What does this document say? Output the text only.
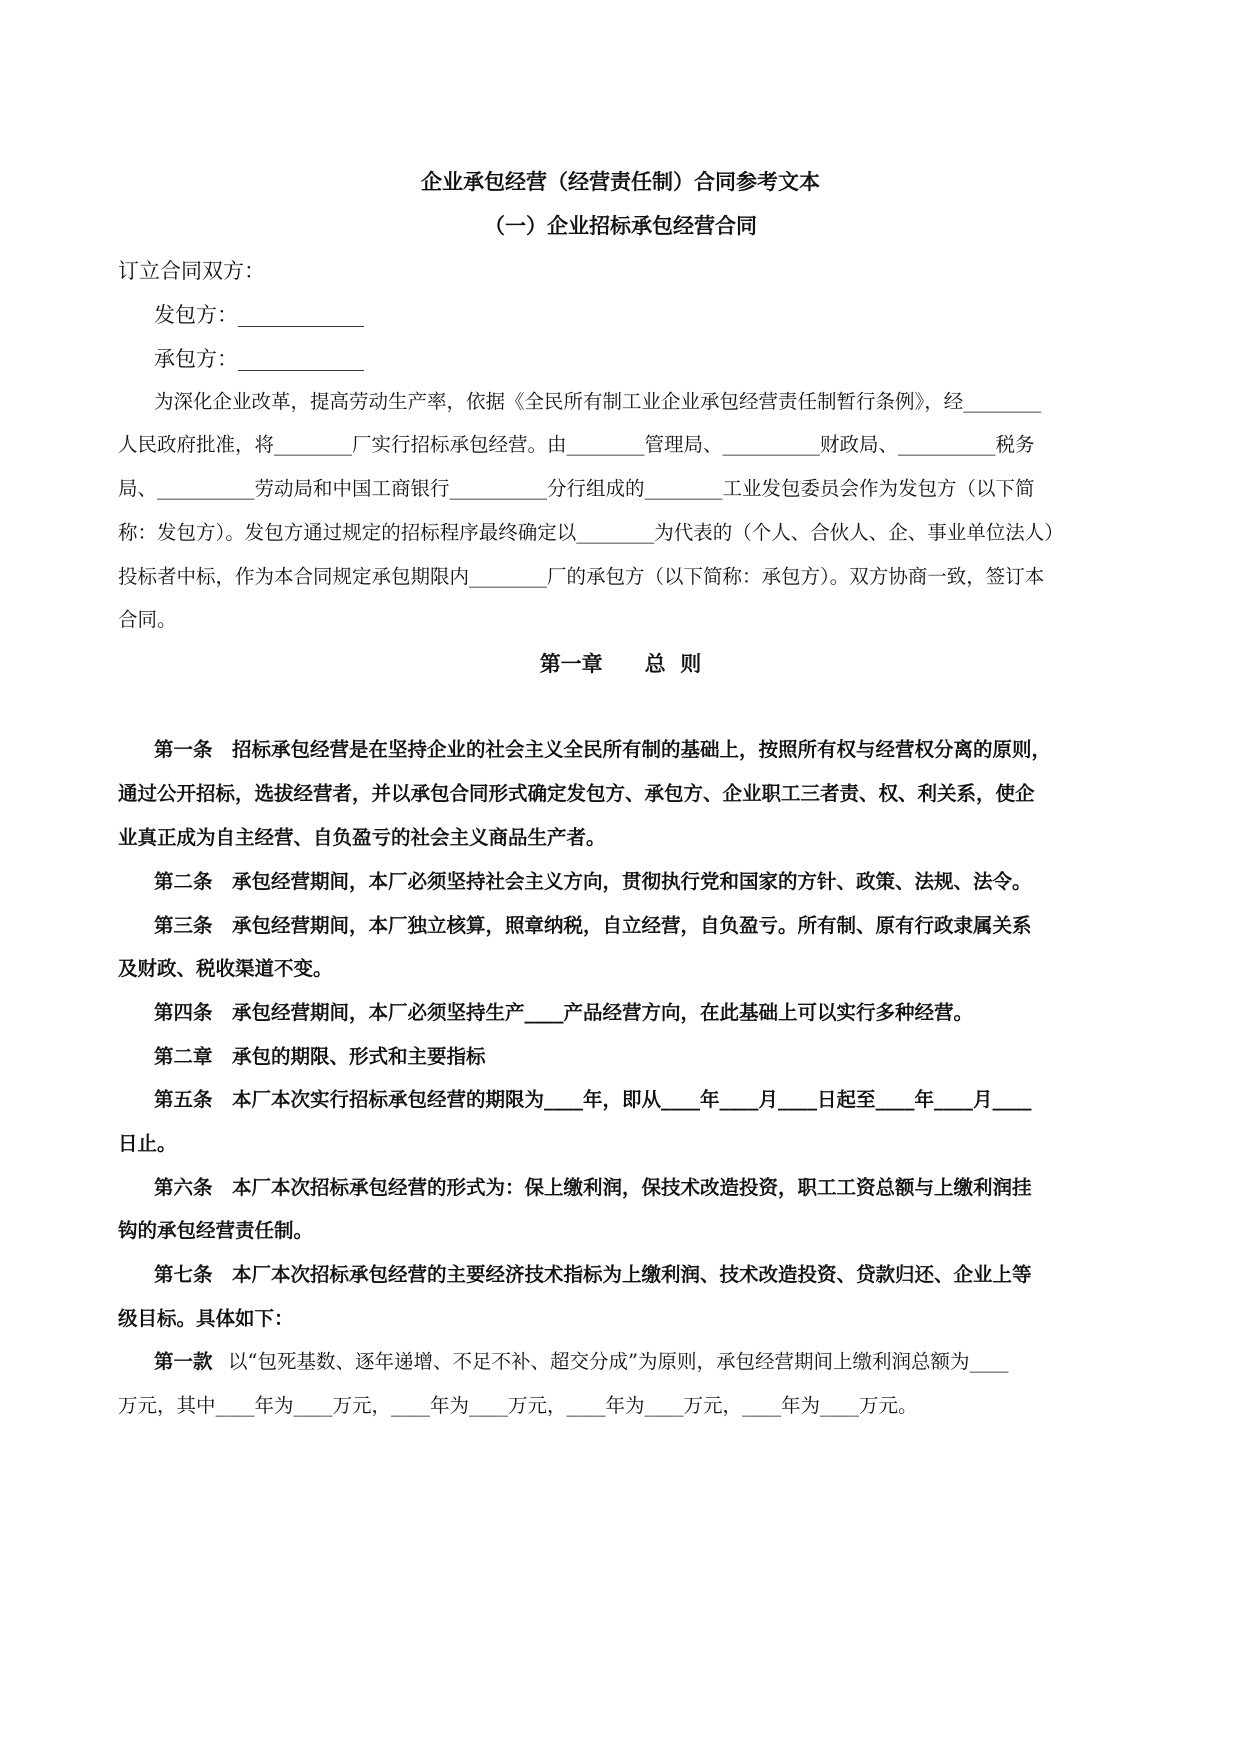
企业承包经营（经营责任制）合同参考文本
（一）企业招标承包经营合同
订立合同双方：
发包方：____________
承包方：____________
为深化企业改革，提高劳动生产率，依据《全民所有制工业企业承包经营责任制暂行条例》，经________
人民政府批准，将________厂实行招标承包经营。由________管理局、__________财政局、__________税务
局、__________劳动局和中国工商银行__________分行组成的________工业发包委员会作为发包方（以下简
称：发包方）。发包方通过规定的招标程序最终确定以________为代表的（个人、合伙人、企、事业单位法人）
投标者中标，作为本合同规定承包期限内________厂的承包方（以下简称：承包方）。双方协商一致，签订本
合同。
第一章　　总  则
第一条　招标承包经营是在坚持企业的社会主义全民所有制的基础上，按照所有权与经营权分离的原则，
通过公开招标，选拔经营者，并以承包合同形式确定发包方、承包方、企业职工三者责、权、利关系，使企
业真正成为自主经营、自负盈亏的社会主义商品生产者。
第二条　承包经营期间，本厂必须坚持社会主义方向，贯彻执行党和国家的方针、政策、法规、法令。
第三条　承包经营期间，本厂独立核算，照章纳税，自立经营，自负盈亏。所有制、原有行政隶属关系
及财政、税收渠道不变。
第四条　承包经营期间，本厂必须坚持生产____产品经营方向，在此基础上可以实行多种经营。
第二章　承包的期限、形式和主要指标
第五条　本厂本次实行招标承包经营的期限为____年，即从____年____月____日起至____年____月____
日止。
第六条　本厂本次招标承包经营的形式为：保上缴利润，保技术改造投资，职工工资总额与上缴利润挂
钩的承包经营责任制。
第七条　本厂本次招标承包经营的主要经济技术指标为上缴利润、技术改造投资、贷款归还、企业上等
级目标。具体如下：
第一款 以“包死基数、逐年递增、不足不补、超交分成”为原则，承包经营期间上缴利润总额为____
万元，其中____年为____万元，____年为____万元，____年为____万元，____年为____万元。
